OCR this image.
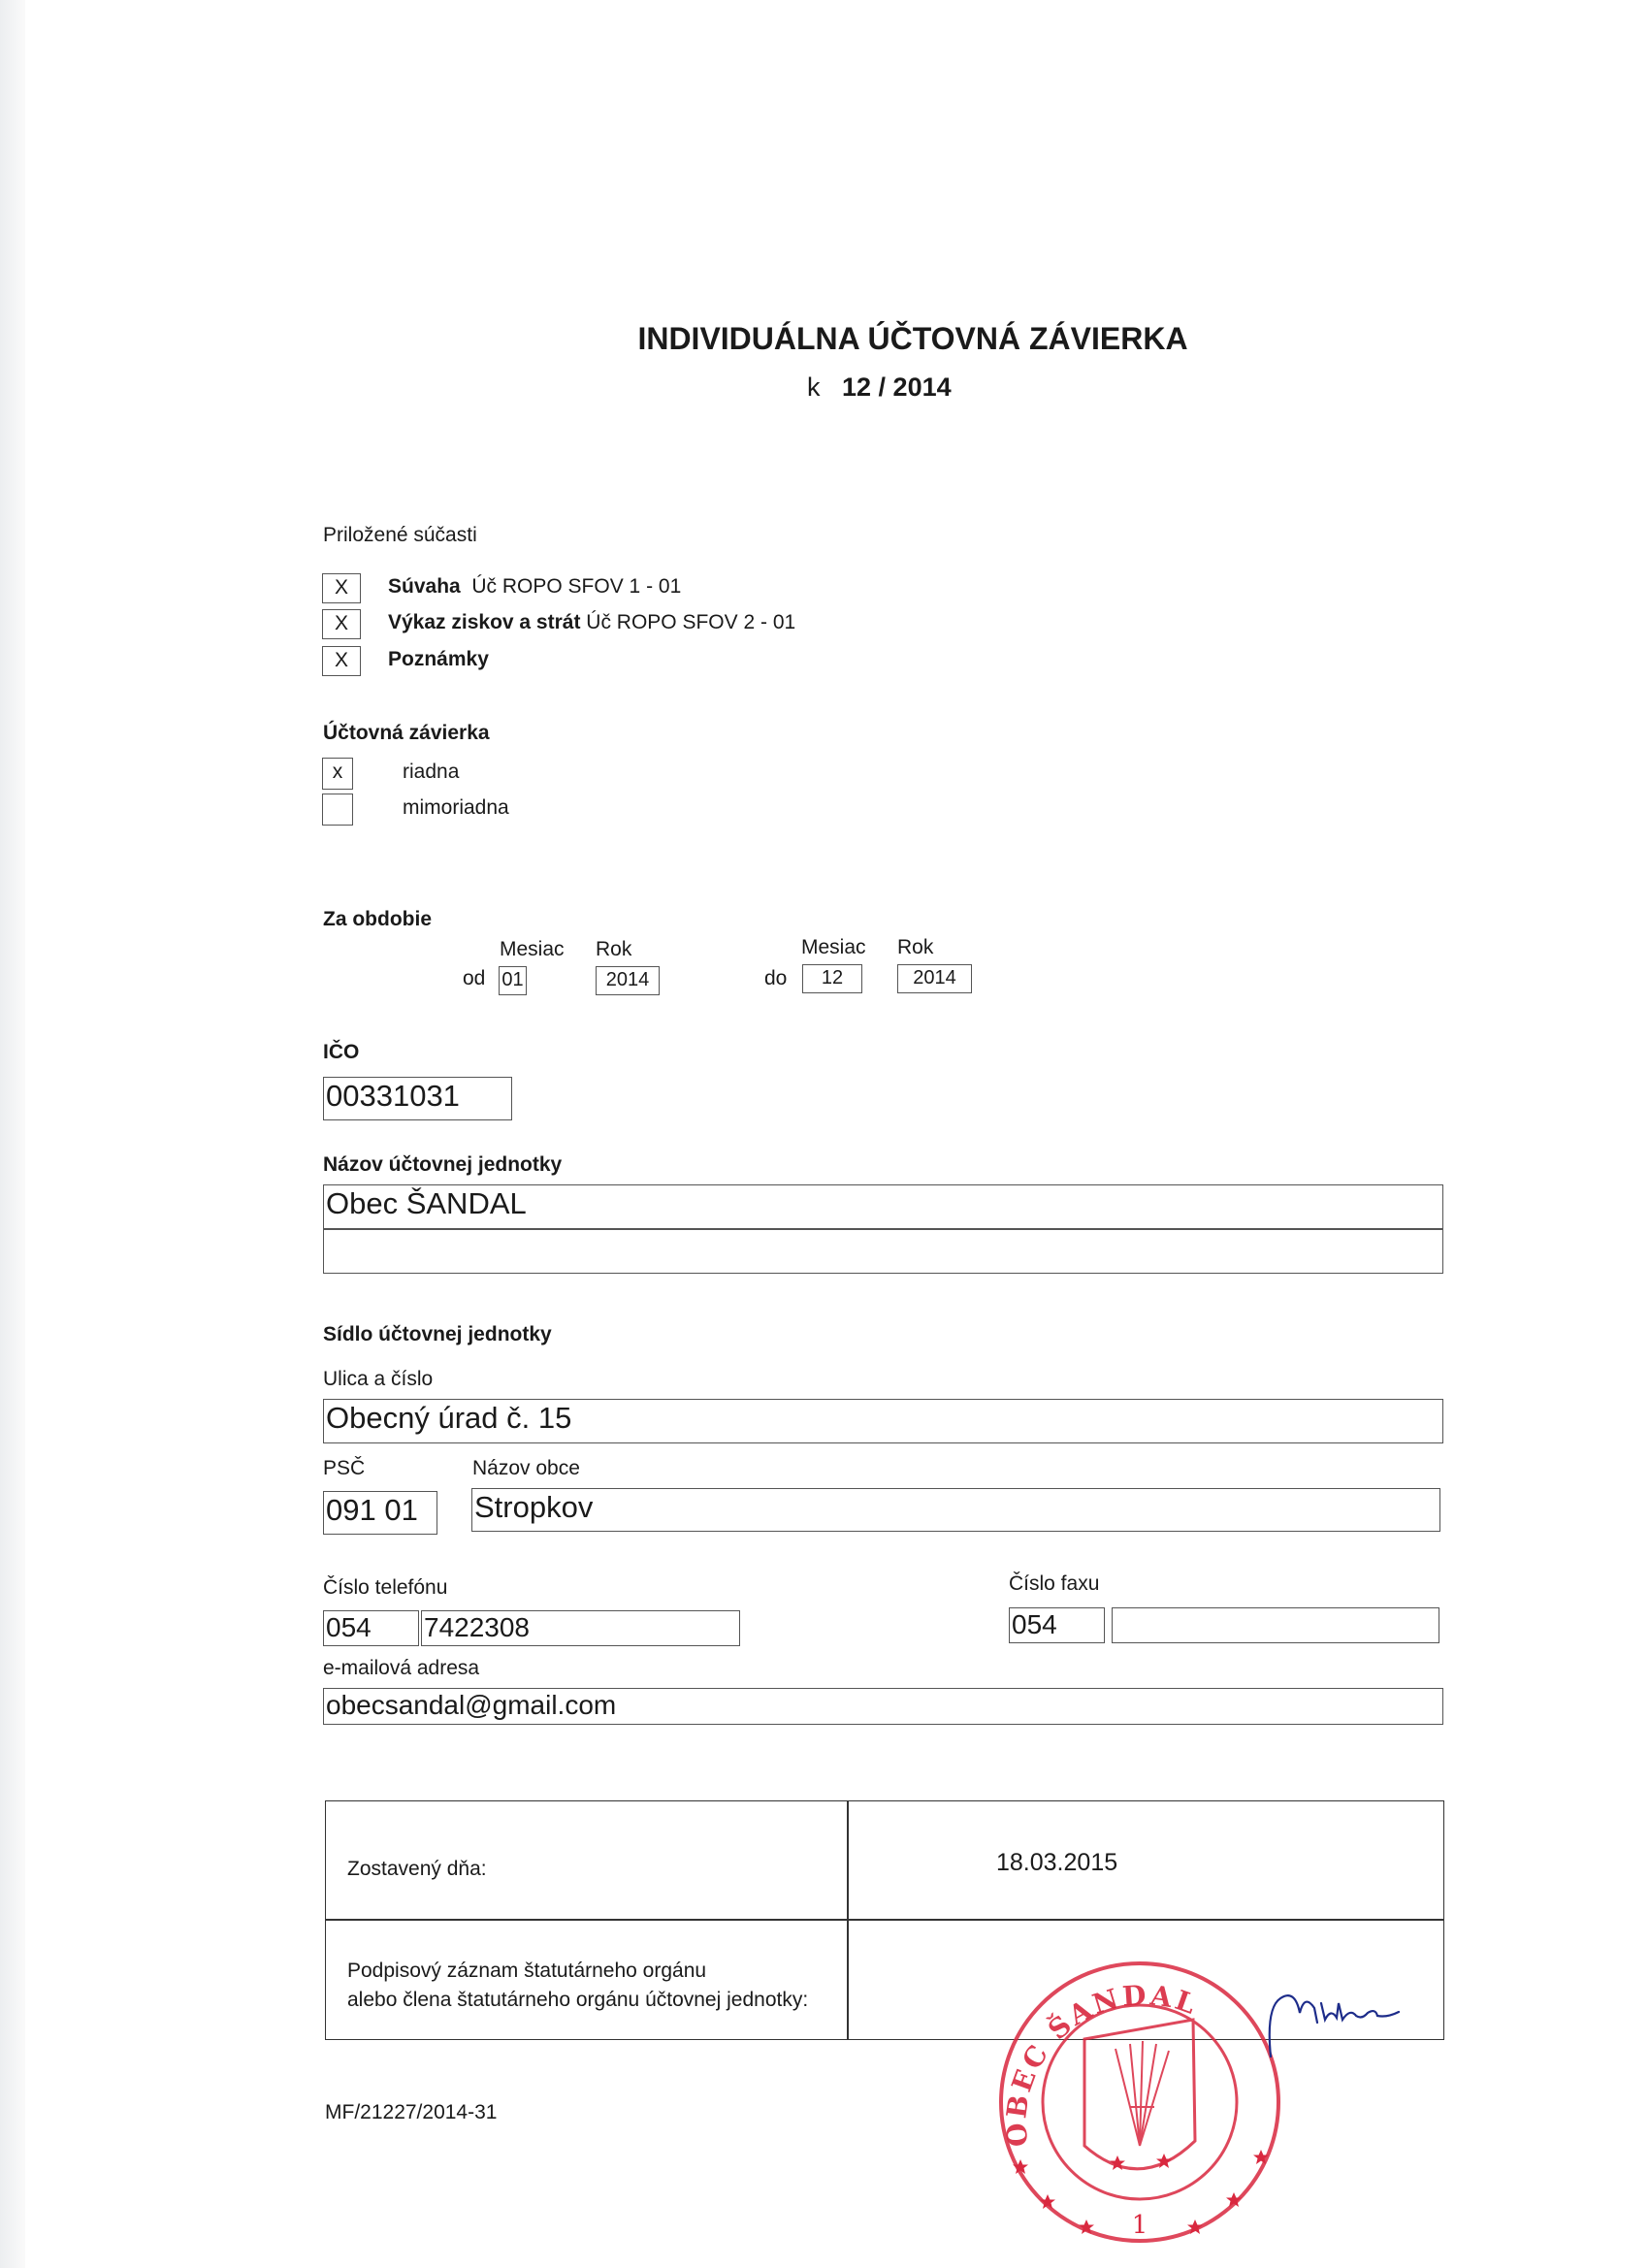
INDIVIDUÁLNA ÚČTOVNÁ ZÁVIERKA
k 12 / 2014
Priložené súčasti
X	Súvaha Úč ROPO SFOV 1 - 01
X	Výkaz ziskov a strát Úč ROPO SFOV 2 - 01
X	Poznámky
Účtovná závierka
x	riadna
mimoriadna
Za obdobie
Mesiac Rok
od 01	2014
Mesiac Rok
do	12	2014
IČO
00331031
Názov účtovnej jednotky
Obec ŠANDAL
Sídlo účtovnej jednotky
Ulica a číslo
Obecný úrad č. 15
PSČ	Názov obce
091 01	Stropkov
Číslo telefónu	Číslo faxu
054	7422308	054
e-mailová adresa
obecsandal@gmail.com
Zostavený dňa:	18.03.2015
Podpisový záznam štatutárneho orgánu
alebo člena štatutárneho orgánu účtovnej jednotky:
MF/21227/2014-31
OBEC ŠANDAL
1
